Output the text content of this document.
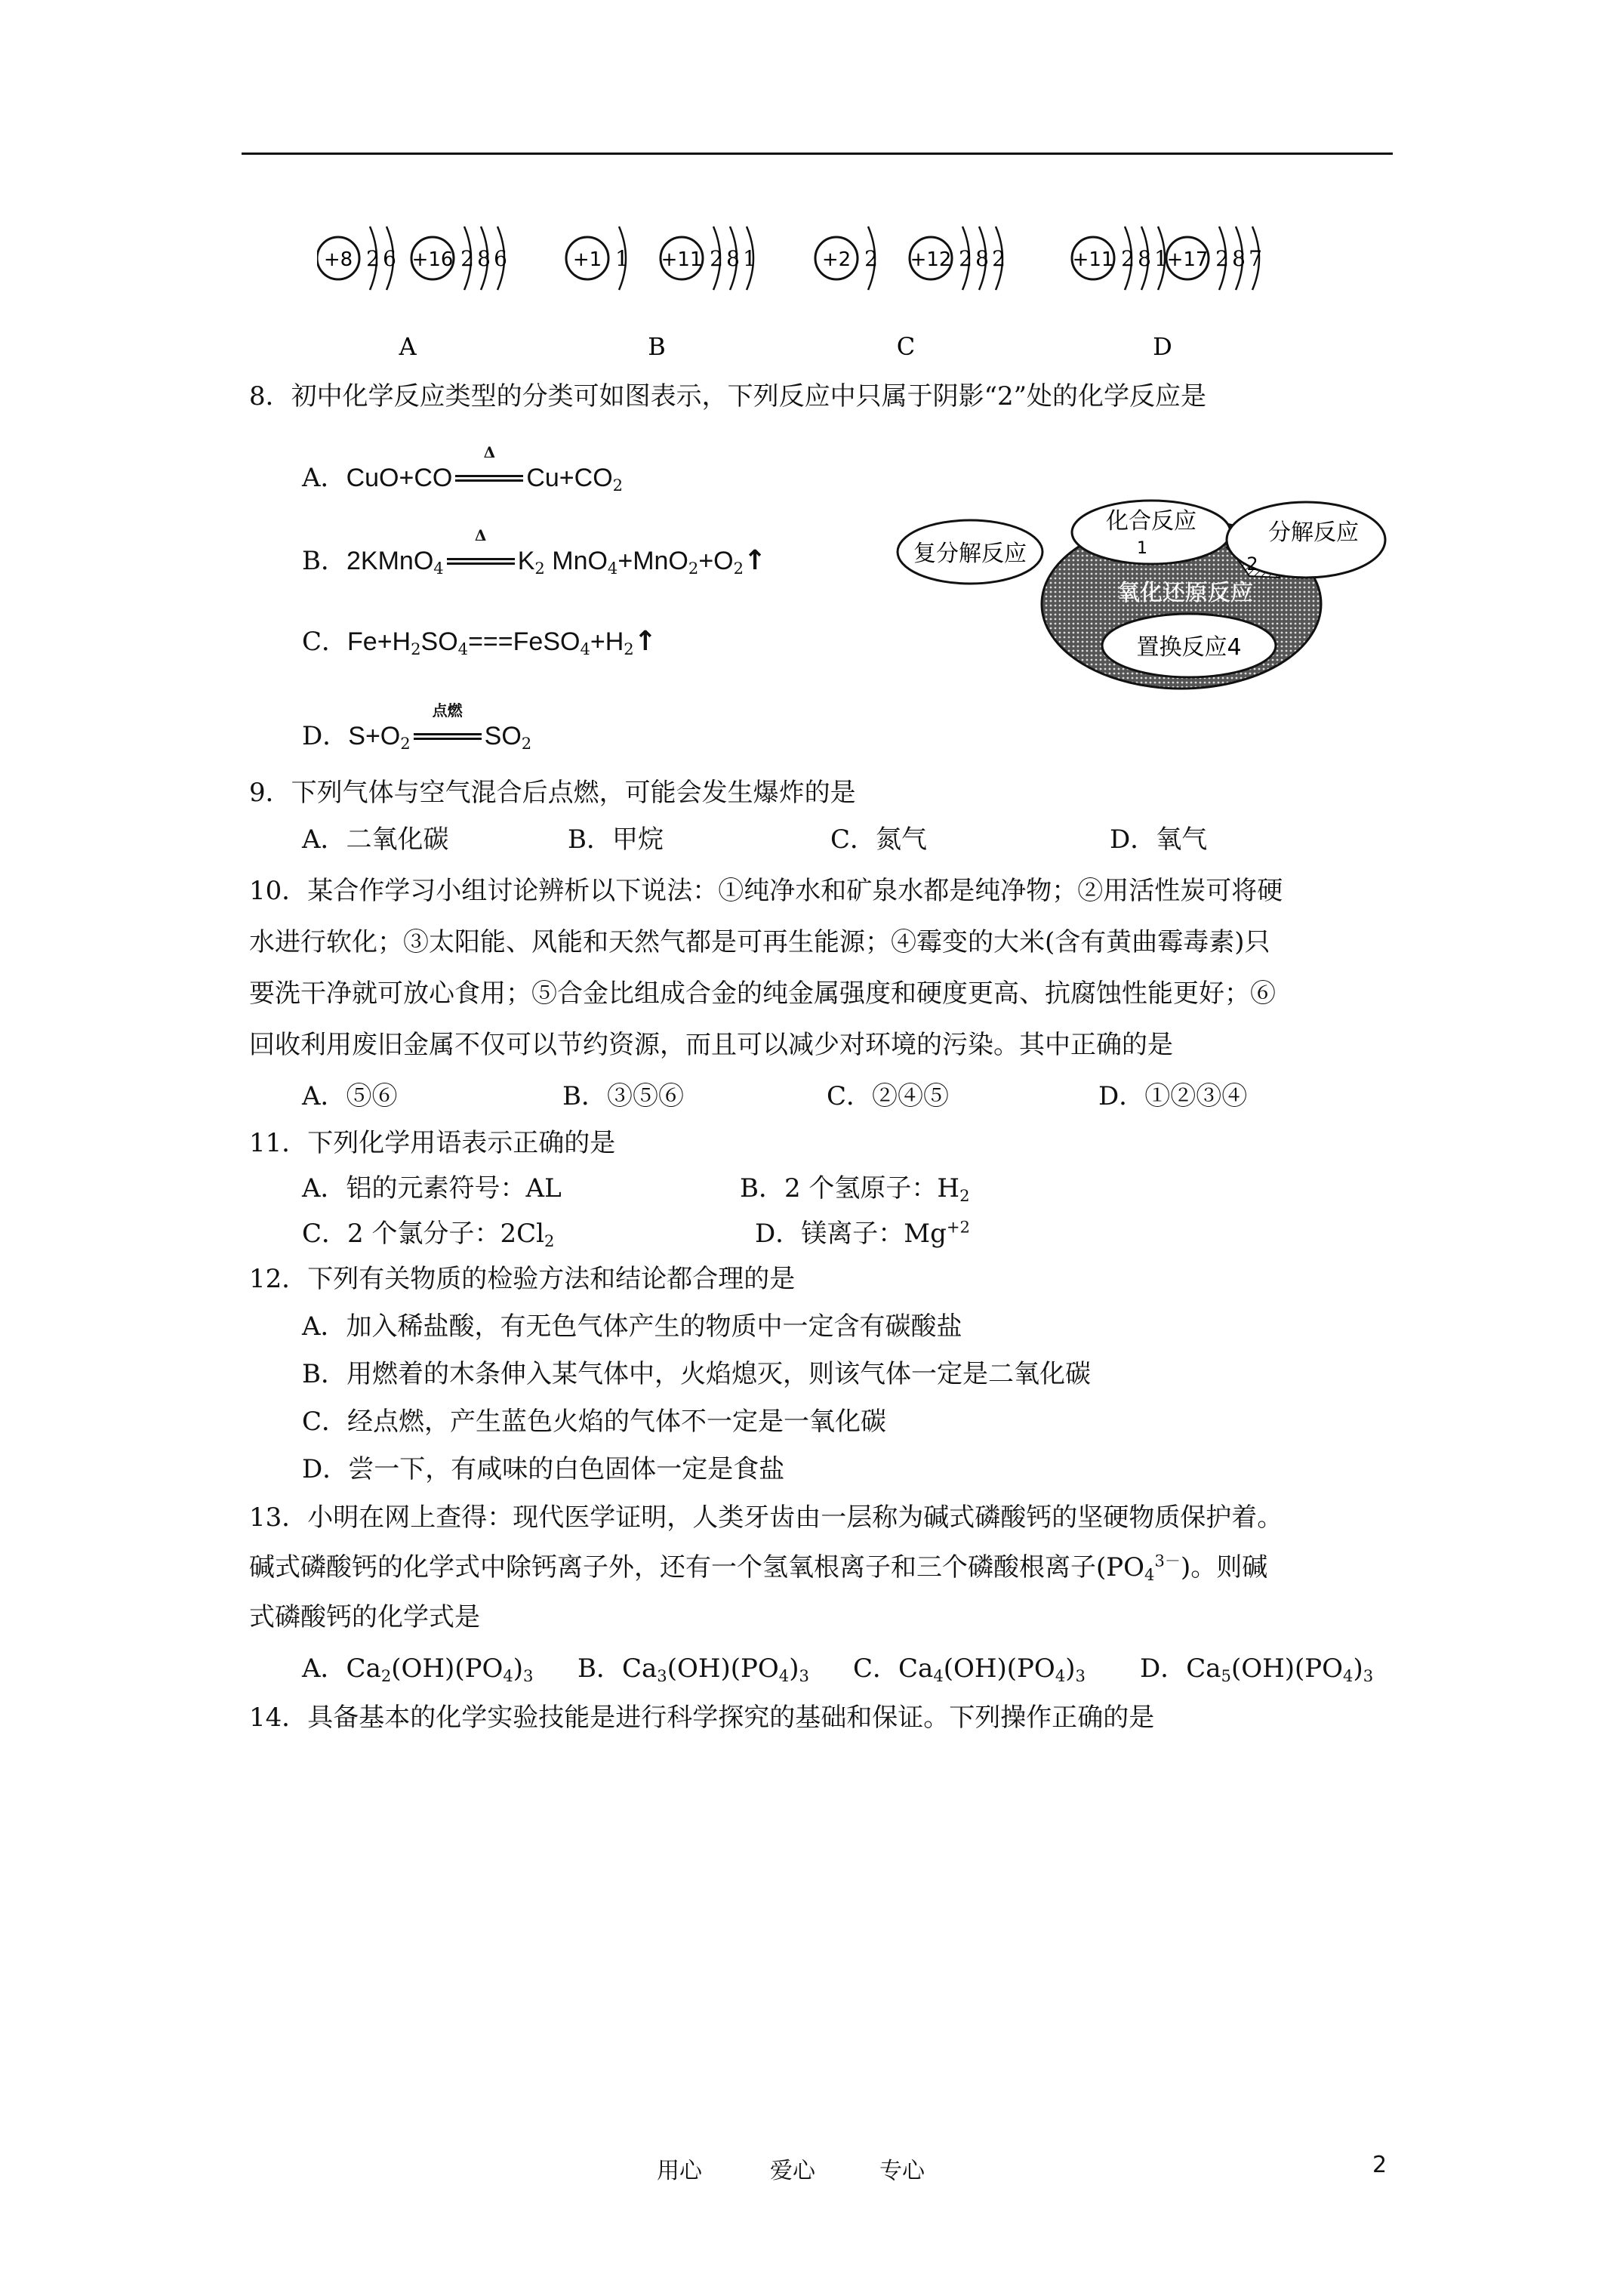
+8 2 6 +16 2 8 6
A
+1 1 +11 2 8 1
B
+2 2 +12 2 8 2
C
+11 2 8 1
+17 2 8 7
D
8．初中化学反应类型的分类可如图表示，下列反应中只属于阴影“2”处的化学反应是
A．CuO+CO
Δ
$Cu+CO_2$
B．2KMnO$_4$
Δ
$K_2$ $MnO_4+MnO_2+O_2↑$
C．$Fe+H_2SO_4===FeSO_4+H_2↑$
D．$S+O_2$
点燃
$SO_2$
化合反应
1
分解反应
2
复分解反应
氧化还原反应
置换反应4
9．下列气体与空气混合后点燃，可能会发生爆炸的是
A．二氧化碳	B．甲烷	C．氮气	D．氧气
10．某合作学习小组讨论辨析以下说法：①纯净水和矿泉水都是纯净物；②用活性炭可将硬
水进行软化；③太阳能、风能和天然气都是可再生能源；④霉变的大米(含有黄曲霉毒素)只
要洗干净就可放心食用；⑤合金比组成合金的纯金属强度和硬度更高、抗腐蚀性能更好；⑥
回收利用废旧金属不仅可以节约资源，而且可以减少对环境的污染。其中正确的是
A．⑤⑥	B．③⑤⑥	C．②④⑤	D．①②③④
11．下列化学用语表示正确的是
A．铝的元素符号：AL	B．2 个氢原子：$H_2$
C．2 个氯分子：$2Cl_2$	D．镁离子：$Mg^{+2}$
12．下列有关物质的检验方法和结论都合理的是
A．加入稀盐酸，有无色气体产生的物质中一定含有碳酸盐
B．用燃着的木条伸入某气体中，火焰熄灭，则该气体一定是二氧化碳
C．经点燃，产生蓝色火焰的气体不一定是一氧化碳
D．尝一下，有咸味的白色固体一定是食盐
13．小明在网上查得：现代医学证明，人类牙齿由一层称为碱式磷酸钙的坚硬物质保护着。
碱式磷酸钙的化学式中除钙离子外，还有一个氢氧根离子和三个磷酸根离子$(PO_4^{3-})$。则碱
式磷酸钙的化学式是
A．$Ca_2(OH)(PO_4)_3$ B．$Ca_3(OH)(PO_4)_3$ C．$Ca_4(OH)(PO_4)_3$ D．$Ca_5(OH)(PO_4)_3$
14．具备基本的化学实验技能是进行科学探究的基础和保证。下列操作正确的是
用心	爱心	专心	2
